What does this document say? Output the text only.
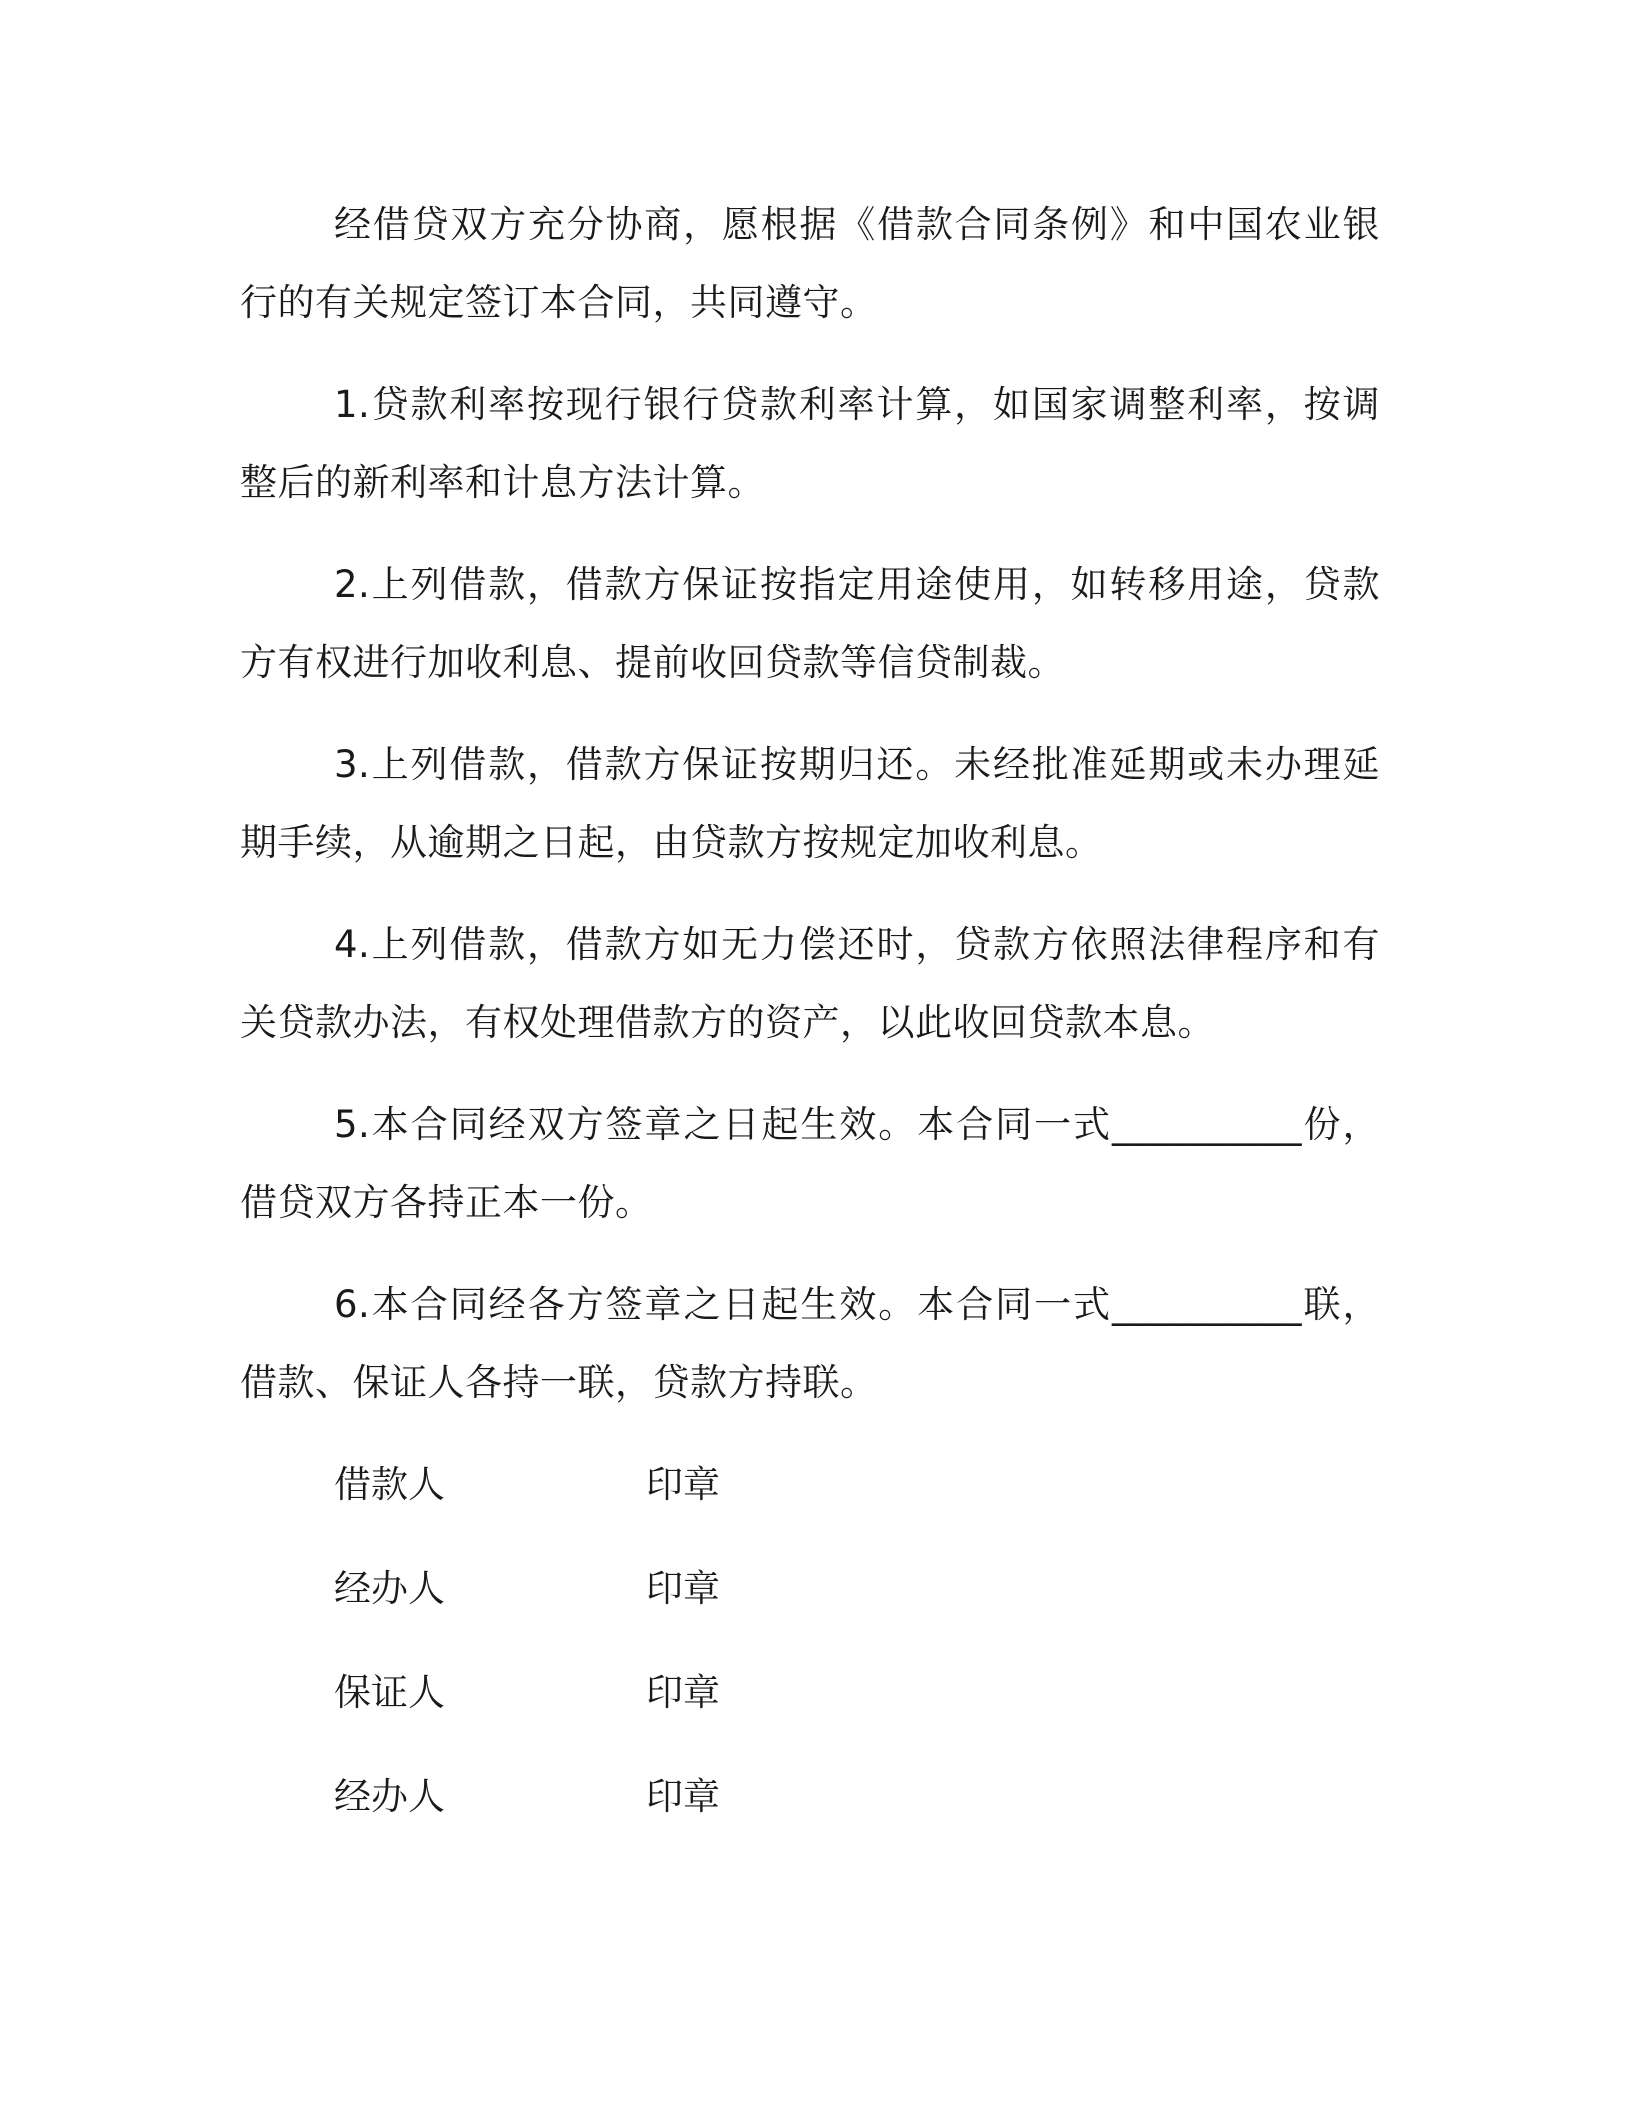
经借贷双方充分协商，愿根据《借款合同条例》和中国农业银行的有关规定签订本合同，共同遵守。

1.贷款利率按现行银行贷款利率计算，如国家调整利率，按调整后的新利率和计息方法计算。

2.上列借款，借款方保证按指定用途使用，如转移用途，贷款方有权进行加收利息、提前收回贷款等信贷制裁。

3.上列借款，借款方保证按期归还。未经批准延期或未办理延期手续，从逾期之日起，由贷款方按规定加收利息。

4.上列借款，借款方如无力偿还时，贷款方依照法律程序和有关贷款办法，有权处理借款方的资产，以此收回贷款本息。

5.本合同经双方签章之日起生效。本合同一式__________份，借贷双方各持正本一份。

6.本合同经各方签章之日起生效。本合同一式__________联，借款、保证人各持一联，贷款方持联。

借款人	印章
经办人	印章
保证人	印章
经办人	印章
